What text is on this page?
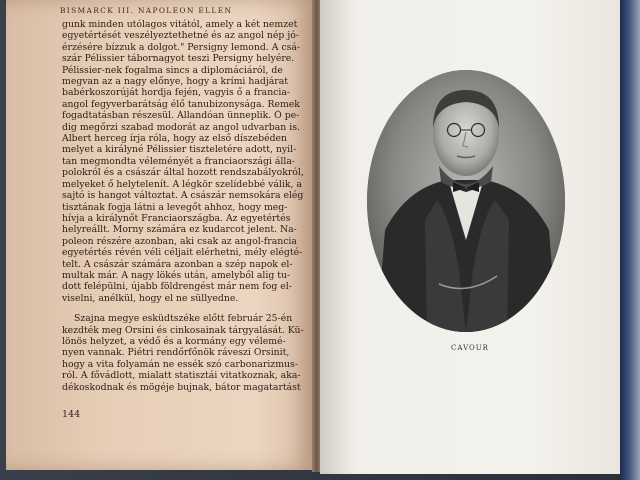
BISMARCK III. NAPOLEON ELLEN
gunk minden utólagos vitától, amely a két nemzet
egyetértését veszélyeztethetné és az angol nép jó-
érzésére bízzuk a dolgot." Persigny lemond. A csá-
szár Pélissier tábornagyot teszi Persigny helyére.
Pélissier-nek fogalma sincs a diplomáciáról, de
megvan az a nagy előnye, hogy a krími hadjárat
babérkoszorúját hordja fején, vagyis ő a francia-
angol fegyverbarátság élő tanubizonysága. Remek
fogadtatásban részesül. Állandóan ünneplik. Ő pe-
dig megőrzi szabad modorát az angol udvarban is.
Albert herceg írja róla, hogy az első díszebéden
melyet a királyné Pélissier tiszteletére adott, nyil-
tan megmondta véleményét a franciaországi álla-
polokról és a császár által hozott rendszabályokról,
melyeket ő helytelenít. A légkör szelídebbé válik, a
sajtó is hangot változtat. A császár nemsokára elég
tisztának fogja látni a levegőt ahhoz, hogy meg-
hívja a királynőt Franciaországba. Az egyetértés
helyreállt. Morny számára ez kudarcot jelent. Na-
poleon részére azonban, aki csak az angol-francia
egyetértés révén véli céljait elérhetni, mély elégté-
telt. A császár számára azonban a szép napok el-
multak már. A nagy lökés után, amelyből alig tu-
dott felépülni, újabb földrengést már nem fog el-
viselni, anélkül, hogy el ne süllyedne.
Szajna megye esküdtszéke előtt február 25-én
kezdték meg Orsini és cinkosainak tárgyalását. Kü-
lönös helyzet, a védő és a kormány egy vélemé-
nyen vannak. Piétri rendőrfőnök ráveszi Orsinit,
hogy a vita folyamán ne essék szó carbonarizmus-
ról. A fővádlott, mialatt statisztái vitatkoznak, aka-
dékoskodnak és mögéje bujnak, bátor magatartást
144
CAVOUR
